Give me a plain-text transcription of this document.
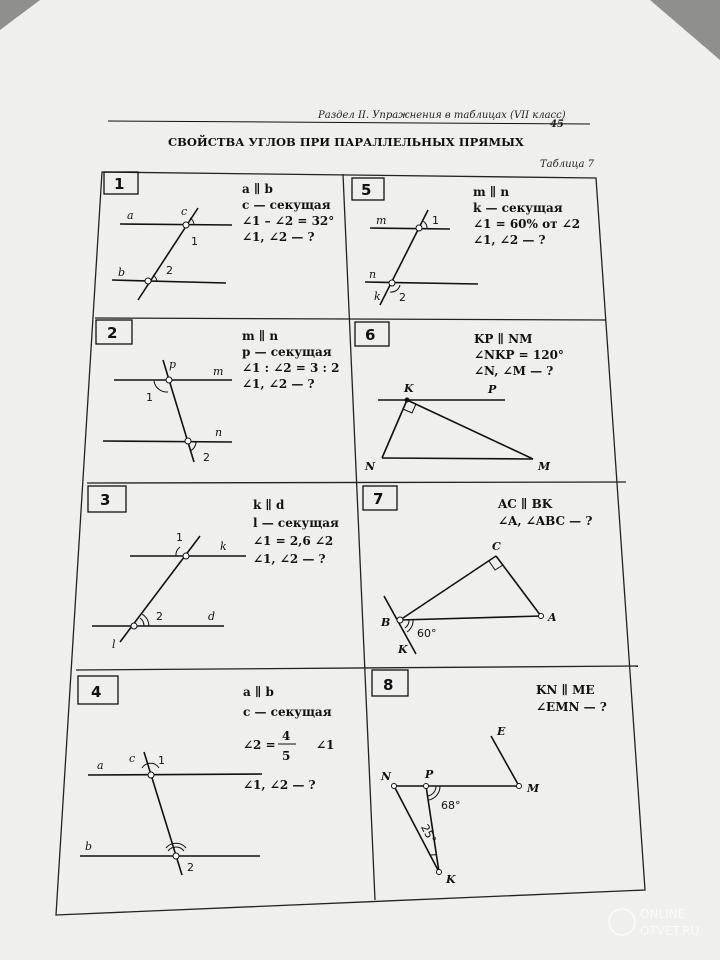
Раздел II. Упражнения в таблицах (VII класс)
45
СВОЙСТВА УГЛОВ ПРИ ПАРАЛЛЕЛЬНЫХ ПРЯМЫХ
Таблица 7
1
a
b
c
1
2
a ∥ b
c — секущая
∠1 – ∠2 = 32°
∠1, ∠2 — ?
5
m
n
k
1
2
m ∥ n
k — секущая
∠1 = 60% от ∠2
∠1, ∠2 — ?
2
p
m
n
1
2
m ∥ n
p — секущая
∠1 : ∠2 = 3 : 2
∠1, ∠2 — ?
6
K	P
N	M
KP ∥ NM
∠NKP = 120°
∠N, ∠M — ?
3
1
k
2	d
l
k ∥ d
l — секущая
∠1 = 2,6 ∠2
∠1, ∠2 — ?
7
C
A
B
K
60°
AC ∥ BK
∠A, ∠ABC — ?
4
a
b
c 1
2
a ∥ b
c — секущая
∠2 =
4
5
∠1
∠1, ∠2 — ?
8
E
N	P
M
K
68°
25°
KN ∥ ME
∠EMN — ?
ONLINE
OTVET.RU
